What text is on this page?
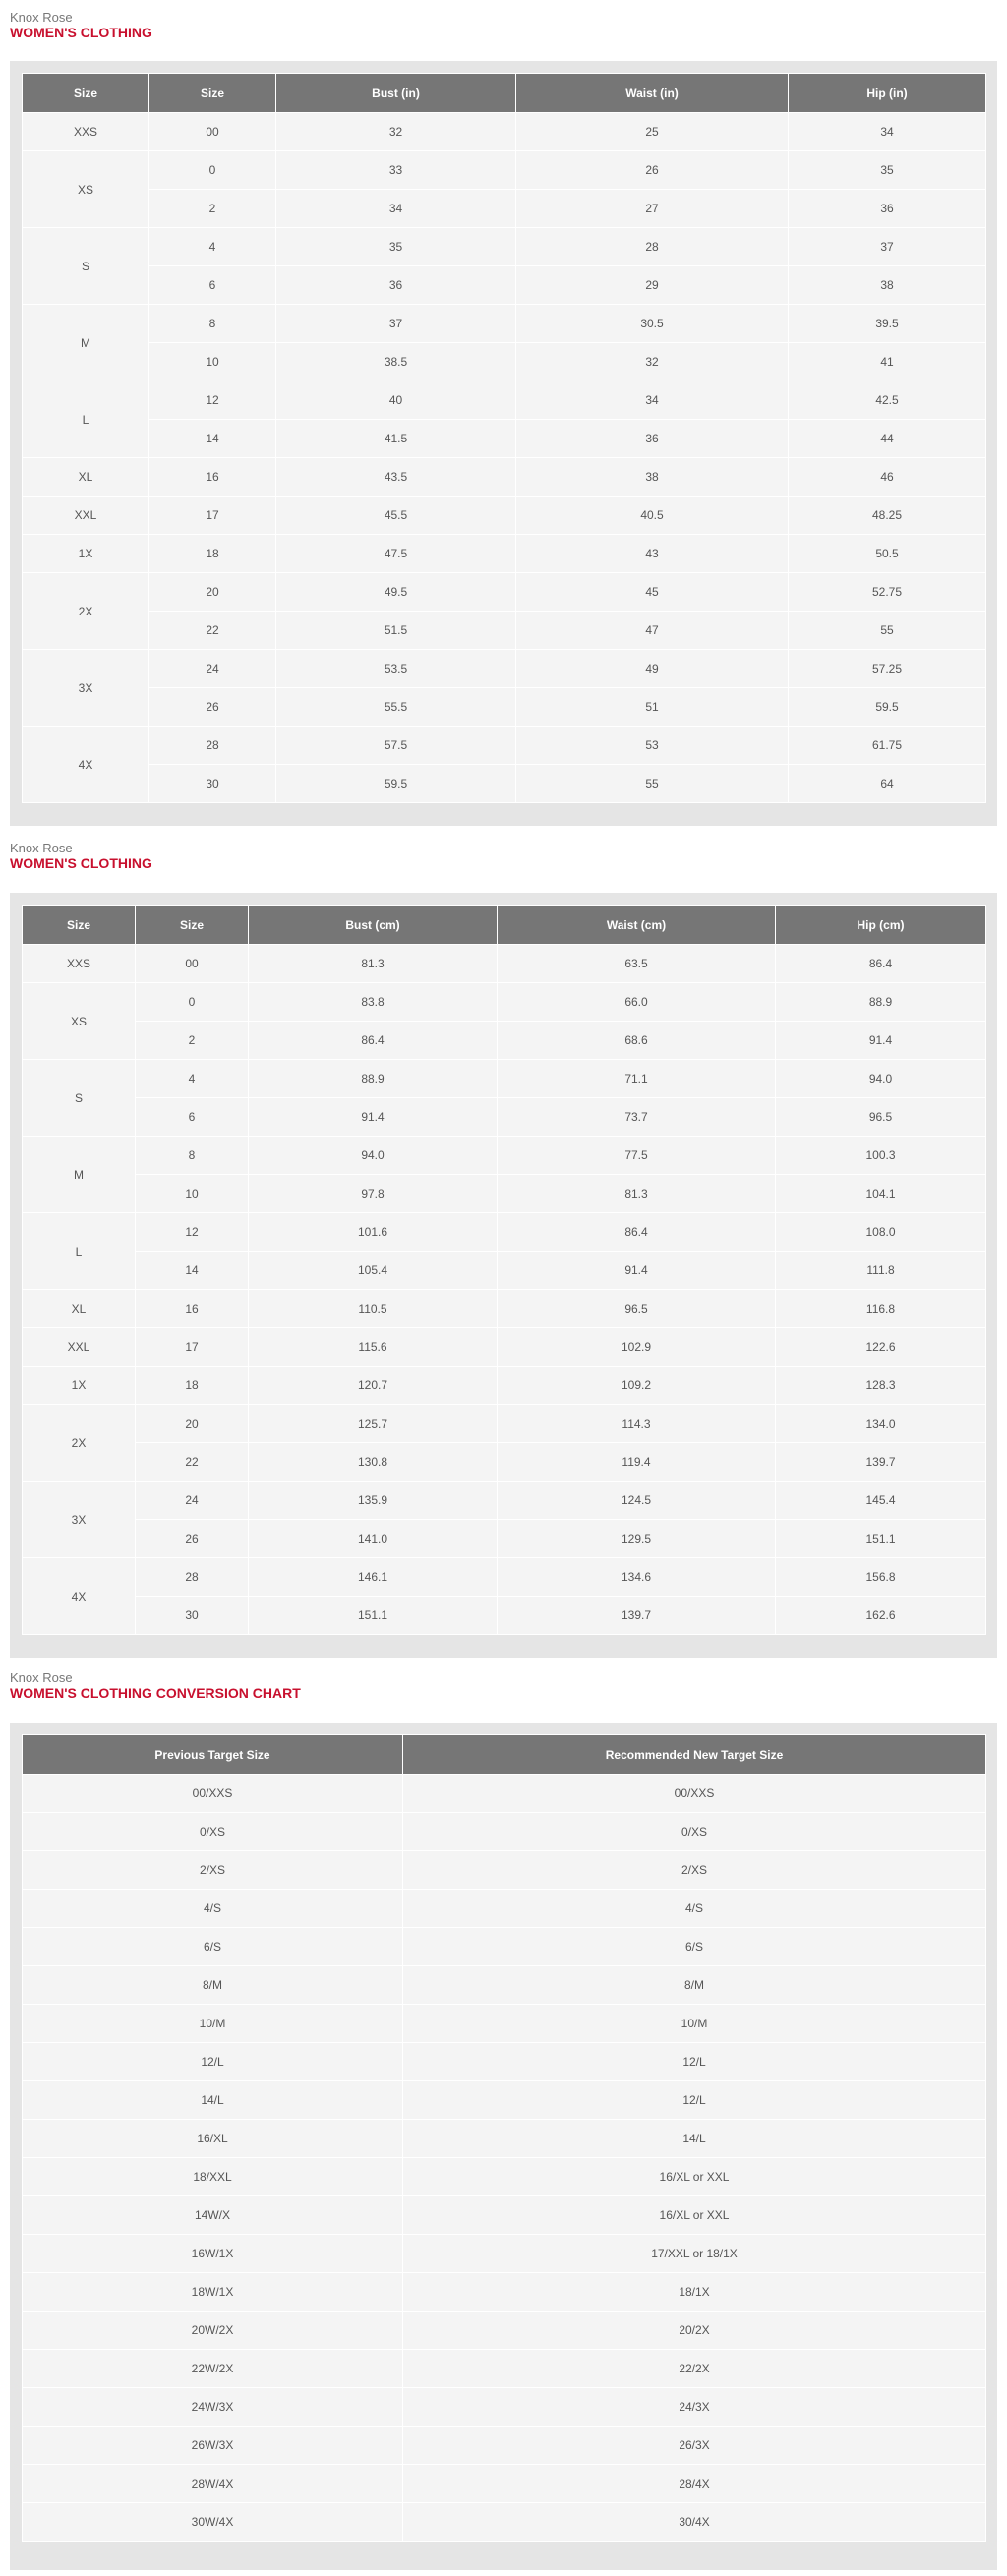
Knox Rose
WOMEN'S CLOTHING
Size	Size	Bust (in)	Waist (in)	Hip (in)
XXS	00	32	25	34
XS	0	33	26	35
	2	34	27	36
S	4	35	28	37
	6	36	29	38
M	8	37	30.5	39.5
	10	38.5	32	41
L	12	40	34	42.5
	14	41.5	36	44
XL	16	43.5	38	46
XXL	17	45.5	40.5	48.25
1X	18	47.5	43	50.5
2X	20	49.5	45	52.75
	22	51.5	47	55
3X	24	53.5	49	57.25
	26	55.5	51	59.5
4X	28	57.5	53	61.75
	30	59.5	55	64
Knox Rose
WOMEN'S CLOTHING
Size	Size	Bust (cm)	Waist (cm)	Hip (cm)
XXS	00	81.3	63.5	86.4
XS	0	83.8	66.0	88.9
	2	86.4	68.6	91.4
S	4	88.9	71.1	94.0
	6	91.4	73.7	96.5
M	8	94.0	77.5	100.3
	10	97.8	81.3	104.1
L	12	101.6	86.4	108.0
	14	105.4	91.4	111.8
XL	16	110.5	96.5	116.8
XXL	17	115.6	102.9	122.6
1X	18	120.7	109.2	128.3
2X	20	125.7	114.3	134.0
	22	130.8	119.4	139.7
3X	24	135.9	124.5	145.4
	26	141.0	129.5	151.1
4X	28	146.1	134.6	156.8
	30	151.1	139.7	162.6
Knox Rose
WOMEN'S CLOTHING CONVERSION CHART
Previous Target Size	Recommended New Target Size
00/XXS	00/XXS
0/XS	0/XS
2/XS	2/XS
4/S	4/S
6/S	6/S
8/M	8/M
10/M	10/M
12/L	12/L
14/L	12/L
16/XL	14/L
18/XXL	16/XL or XXL
14W/X	16/XL or XXL
16W/1X	17/XXL or 18/1X
18W/1X	18/1X
20W/2X	20/2X
22W/2X	22/2X
24W/3X	24/3X
26W/3X	26/3X
28W/4X	28/4X
30W/4X	30/4X
